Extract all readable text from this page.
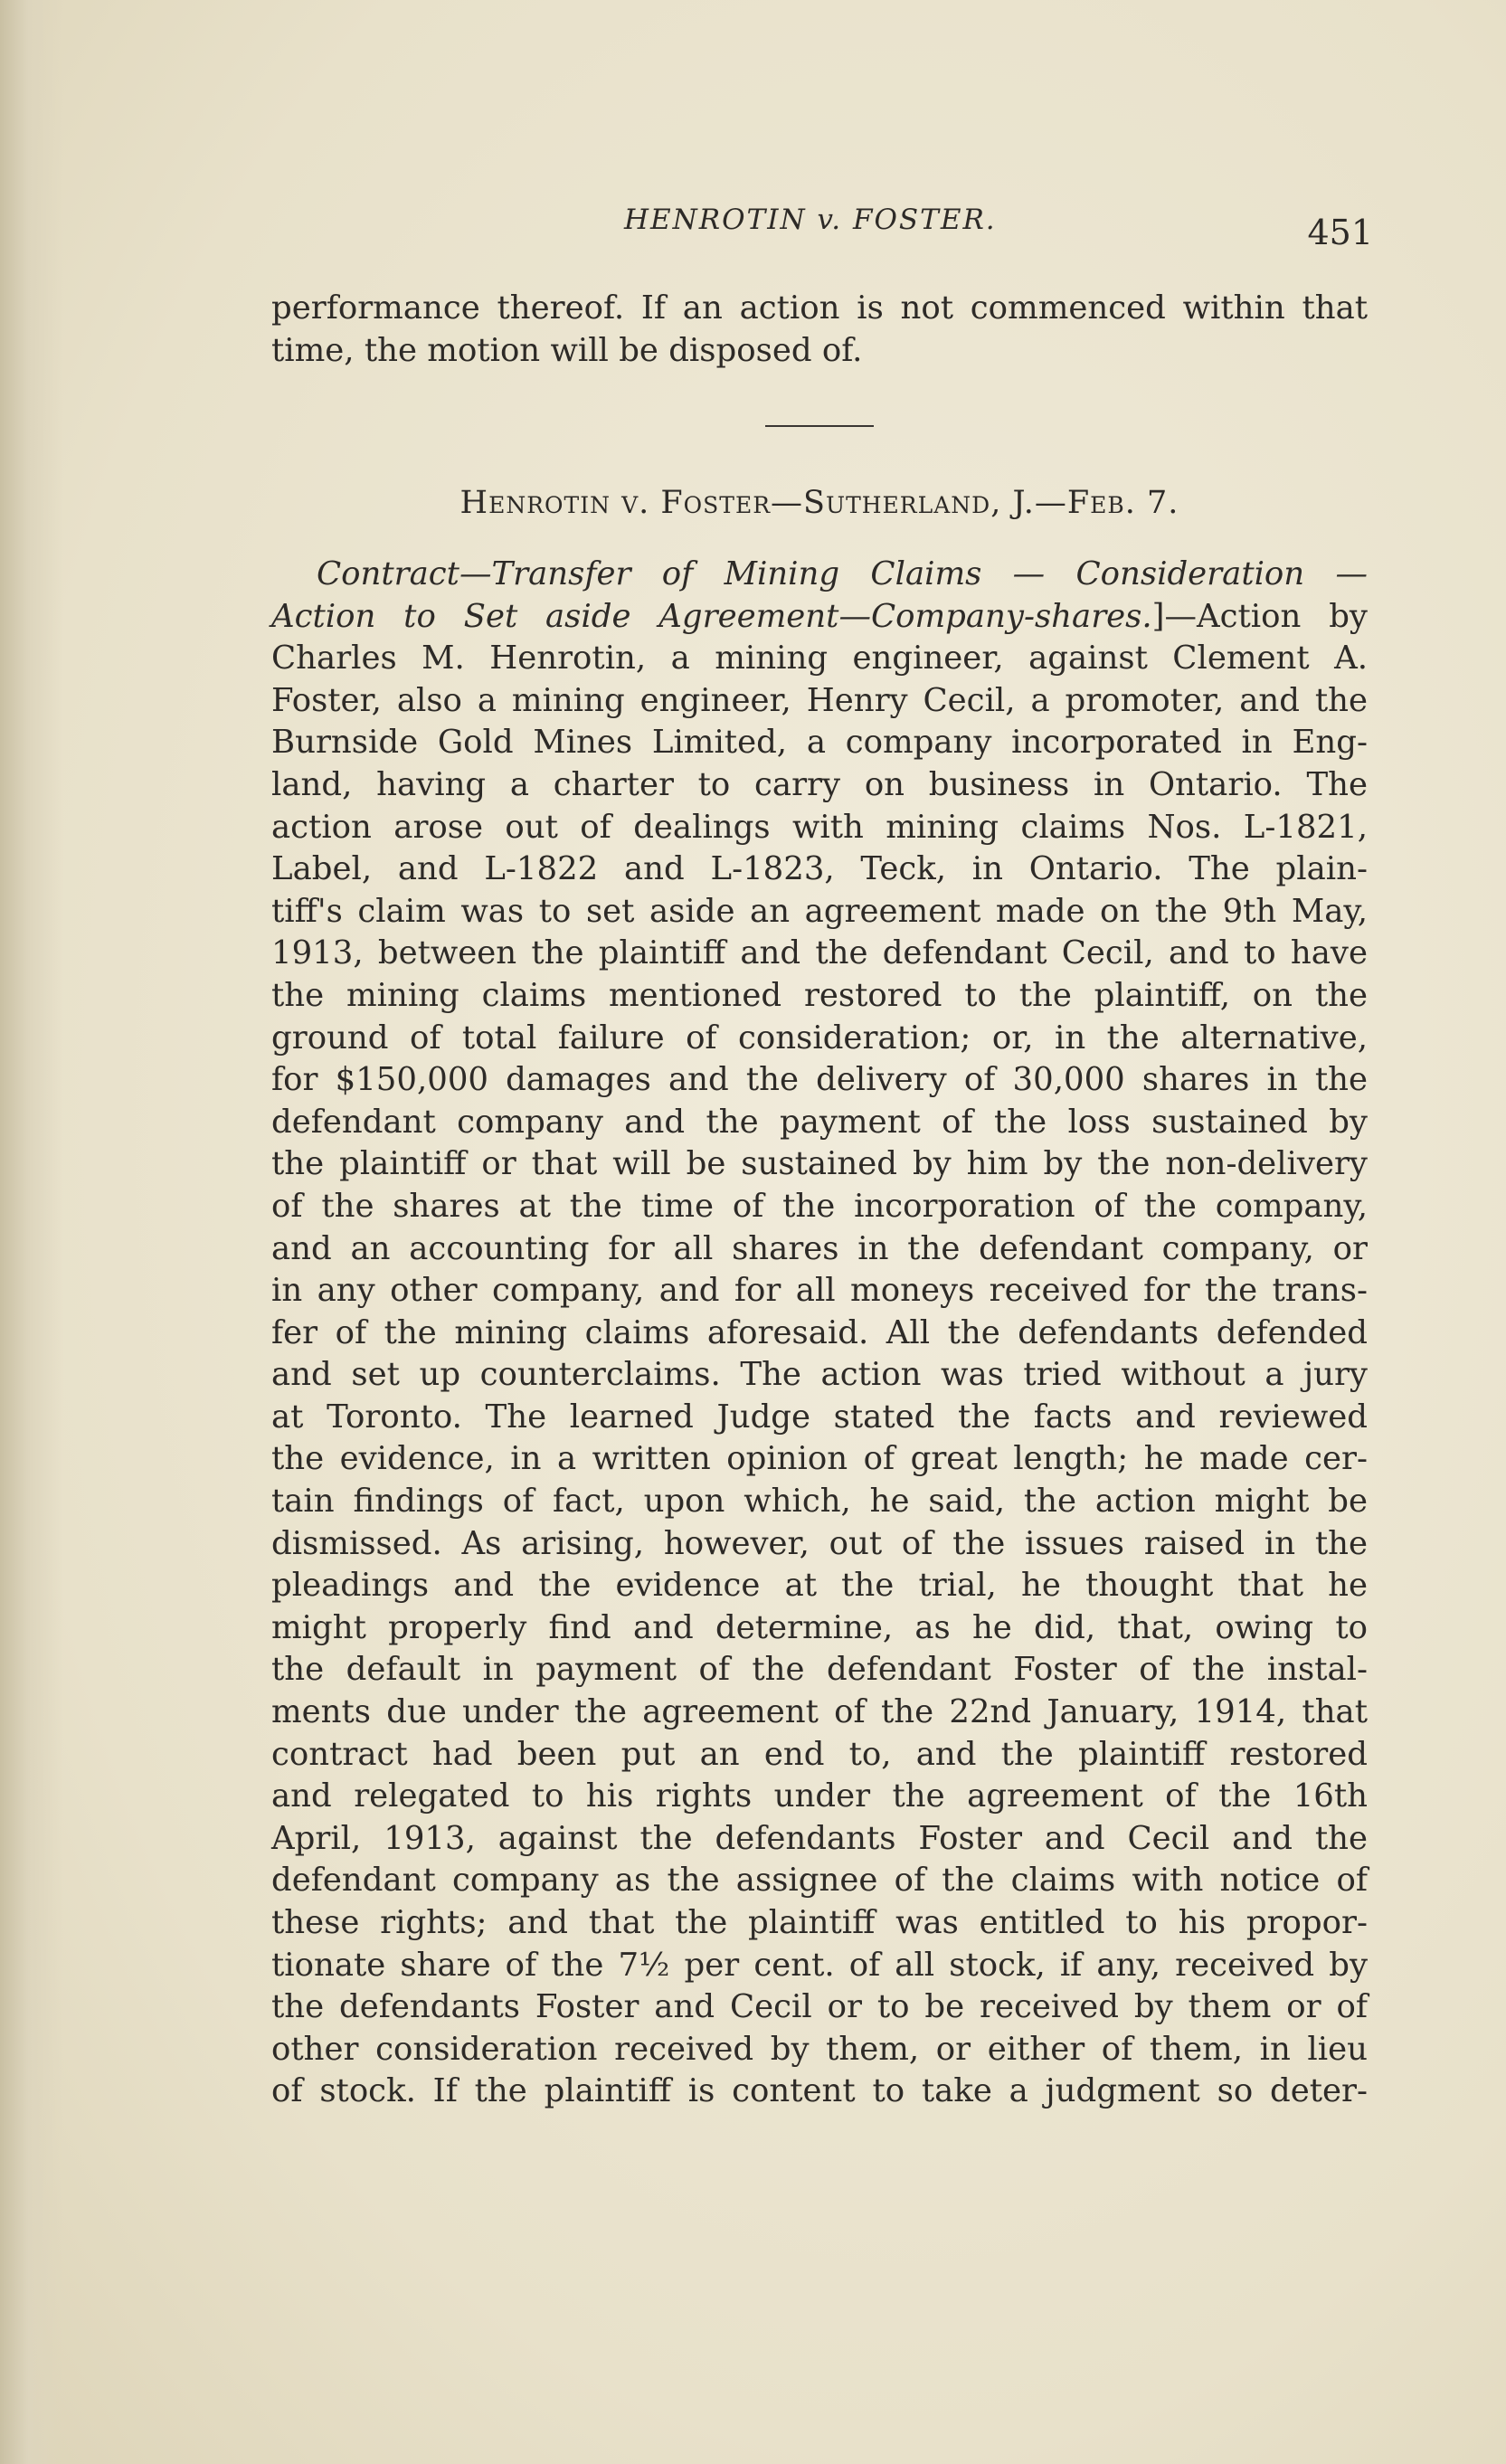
HENROTIN v. FOSTER.	451
performance thereof. If an action is not commenced within that
time, the motion will be disposed of.
Henrotin v. Foster—Sutherland, J.—Feb. 7.
Contract—Transfer of Mining Claims — Consideration —
Action to Set aside Agreement—Company-shares.]—Action by
Charles M. Henrotin, a mining engineer, against Clement A.
Foster, also a mining engineer, Henry Cecil, a promoter, and the
Burnside Gold Mines Limited, a company incorporated in Eng-
land, having a charter to carry on business in Ontario. The
action arose out of dealings with mining claims Nos. L-1821,
Label, and L-1822 and L-1823, Teck, in Ontario. The plain-
tiff's claim was to set aside an agreement made on the 9th May,
1913, between the plaintiff and the defendant Cecil, and to have
the mining claims mentioned restored to the plaintiff, on the
ground of total failure of consideration; or, in the alternative,
for $150,000 damages and the delivery of 30,000 shares in the
defendant company and the payment of the loss sustained by
the plaintiff or that will be sustained by him by the non-delivery
of the shares at the time of the incorporation of the company,
and an accounting for all shares in the defendant company, or
in any other company, and for all moneys received for the trans-
fer of the mining claims aforesaid. All the defendants defended
and set up counterclaims. The action was tried without a jury
at Toronto. The learned Judge stated the facts and reviewed
the evidence, in a written opinion of great length; he made cer-
tain findings of fact, upon which, he said, the action might be
dismissed. As arising, however, out of the issues raised in the
pleadings and the evidence at the trial, he thought that he
might properly find and determine, as he did, that, owing to
the default in payment of the defendant Foster of the instal-
ments due under the agreement of the 22nd January, 1914, that
contract had been put an end to, and the plaintiff restored
and relegated to his rights under the agreement of the 16th
April, 1913, against the defendants Foster and Cecil and the
defendant company as the assignee of the claims with notice of
these rights; and that the plaintiff was entitled to his propor-
tionate share of the 7½ per cent. of all stock, if any, received by
the defendants Foster and Cecil or to be received by them or of
other consideration received by them, or either of them, in lieu
of stock. If the plaintiff is content to take a judgment so deter-
